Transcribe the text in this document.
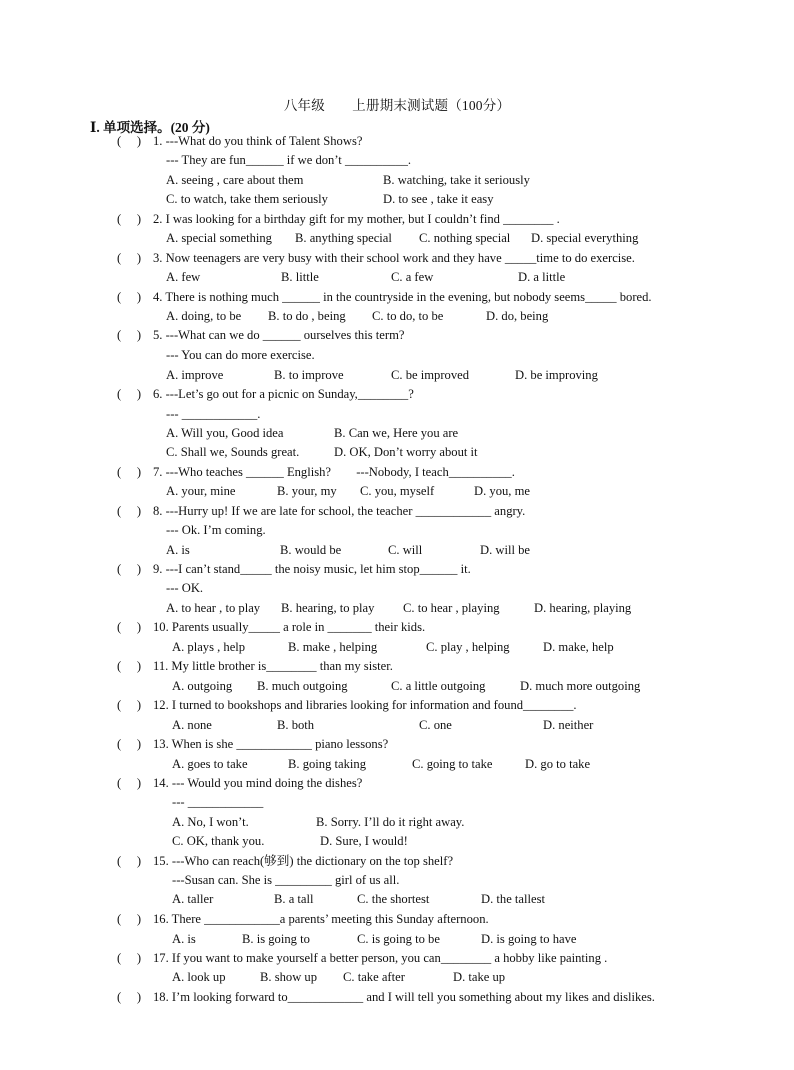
八年级　　上册期末测试题（100分）
Ⅰ. 单项选择。(20 分)
(  ) 1. ---What do you think of Talent Shows?
--- They are fun______ if we don’t __________.
A. seeing , care about them	B. watching, take it seriously
C. to watch, take them seriously	D. to see , take it easy
(  ) 2. I was looking for a birthday gift for my mother, but I couldn’t find ________ .
A. special something B. anything special C. nothing special D. special everything
(  ) 3. Now teenagers are very busy with their school work and they have _____time to do exercise.
A. few	B. little	C. a few	D. a little
(  ) 4. There is nothing much ______ in the countryside in the evening, but nobody seems_____ bored.
A. doing, to be B. to do , being C. to do, to be	D. do, being
(  ) 5. ---What can we do ______ ourselves this term?
--- You can do more exercise.
A. improve	B. to improve	C. be improved	D. be improving
(  ) 6. ---Let’s go out for a picnic on Sunday,________?
--- ____________.
A. Will you, Good idea	B. Can we, Here you are
C. Shall we, Sounds great.	D. OK, Don’t worry about it
(  ) 7. ---Who teaches ______ English?  ---Nobody, I teach__________.
A. your, mine	B. your, my C. you, myself	D. you, me
(  ) 8. ---Hurry up! If we are late for school, the teacher ____________ angry.
--- Ok. I’m coming.
A. is	B. would be	C. will	D. will be
(  ) 9. ---I can’t stand_____ the noisy music, let him stop______ it.
--- OK.
A. to hear , to play B. hearing, to play C. to hear , playing	D. hearing, playing
(  ) 10. Parents usually_____ a role in _______ their kids.
A. plays , help	B. make , helping	C. play , helping	D. make, help
(  ) 11. My little brother is________ than my sister.
A. outgoing B. much outgoing	C. a little outgoing	D. much more outgoing
(  ) 12. I turned to bookshops and libraries looking for information and found________.
A. none	B. both	C. one	D. neither
(  ) 13. When is she ____________ piano lessons?
A. goes to take	B. going taking	C. going to take	D. go to take
(  ) 14. --- Would you mind doing the dishes?
--- ____________
A. No, I won’t.	B. Sorry. I’ll do it right away.
C. OK, thank you.	D. Sure, I would!
(  ) 15. ---Who can reach(够到) the dictionary on the top shelf?
---Susan can. She is _________ girl of us all.
A. taller	B. a tall	C. the shortest	D. the tallest
(  ) 16. There ____________a parents’ meeting this Sunday afternoon.
A. is	B. is going to	C. is going to be	D. is going to have
(  ) 17. If you want to make yourself a better person, you can________ a hobby like painting .
A. look up	B. show up C. take after	D. take up
(  ) 18. I’m looking forward to____________ and I will tell you something about my likes and dislikes.
